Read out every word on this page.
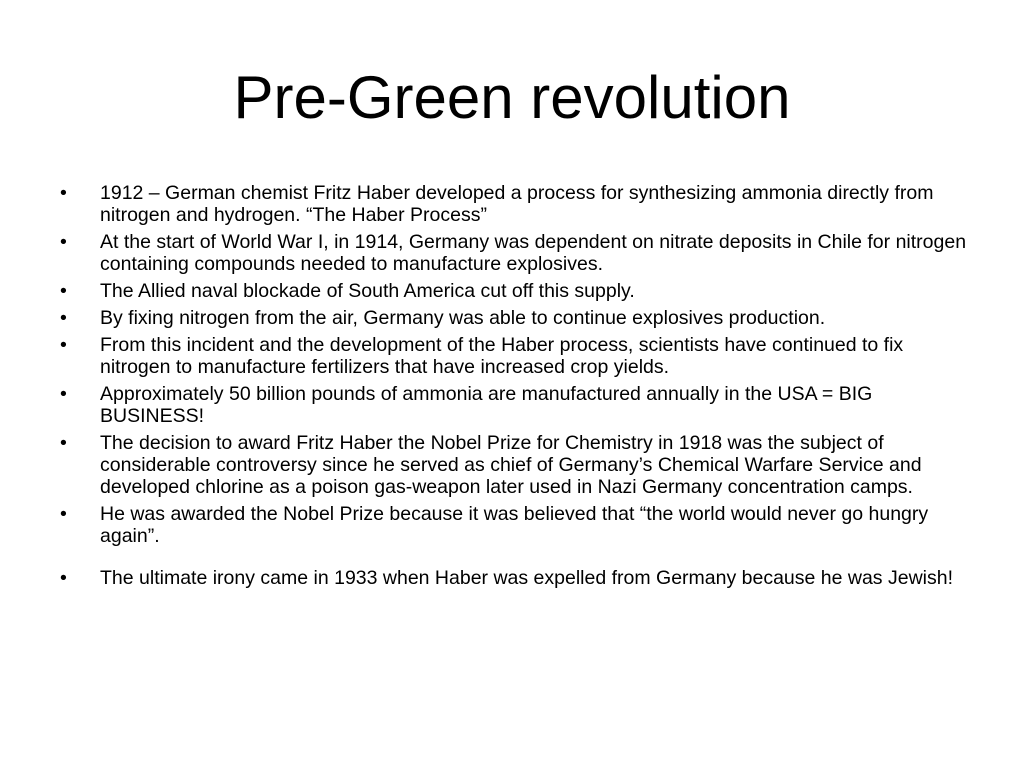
Pre-Green revolution
• 1912 – German chemist Fritz Haber developed a process for synthesizing ammonia directly from nitrogen and hydrogen. “The Haber Process”
• At the start of World War I, in 1914, Germany was dependent on nitrate deposits in Chile for nitrogen containing compounds needed to manufacture explosives.
• The Allied naval blockade of South America cut off this supply.
• By fixing nitrogen from the air, Germany was able to continue explosives production.
• From this incident and the development of the Haber process, scientists have continued to fix nitrogen to manufacture fertilizers that have increased crop yields.
• Approximately 50 billion pounds of ammonia are manufactured annually in the USA = BIG BUSINESS!
• The decision to award Fritz Haber the Nobel Prize for Chemistry in 1918 was the subject of considerable controversy since he served as chief of Germany’s Chemical Warfare Service and developed chlorine as a poison gas-weapon later used in Nazi Germany concentration camps.
• He was awarded the Nobel Prize because it was believed that “the world would never go hungry again”.
• The ultimate irony came in 1933 when Haber was expelled from Germany because he was Jewish!
